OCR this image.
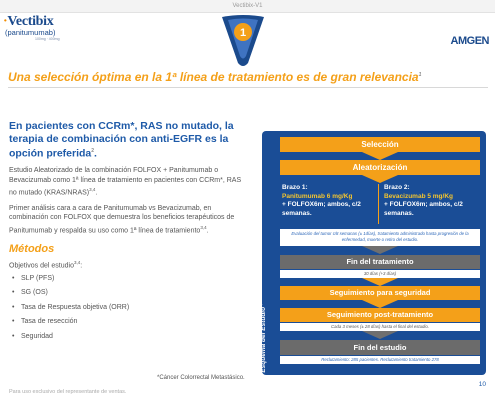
Vectibix-V1
·Vectibix
(panitumumab)
100mg · 400mg	1
AMGEN
Una selección óptima en la 1ª línea de tratamiento es de gran relevancia$^1$
En pacientes con CCRm*, RAS no mutado, la terapia de combinación con anti-EGFR es la opción preferida$^2$.

Estudio Aleatorizado de la combinación FOLFOX + Panitumumab o Bevacizumab como 1ª línea de tratamiento en pacientes con CCRm*, RAS no mutado (KRAS/NRAS)$^{3,4}$.

Primer análisis cara a cara de Panitumumab vs Bevacizumab, en combinación con FOLFOX que demuestra los beneficios terapéuticos de Panitumumab y respalda su uso como 1ª línea de tratamiento$^{3,4}$.

Métodos
Objetivos del estudio$^{3,4}$:
• SLP (PFS)
• SG (OS)
• Tasa de Respuesta objetiva (ORR)
• Tasa de resección
• Seguridad
*Cáncer Colorrectal Metastásico.
Para uso exclusivo del representante de ventas.
10
Esquema del Estudio$^{3,4}$
Selección
Aleatorización
Brazo 1:
Panitumumab 6 mg/Kg
+ FOLFOX6m; ambos, c/2 semanas.
Brazo 2:
Bevacizumab 5 mg/Kg
+ FOLFOX6m; ambos, c/2 semanas.
Evaluación del tumor c/8 semanas (± 1días), tratamiento administrado hasta progresión de la enfermedad, muerte o retiro del estudio.
Fin del tratamiento
30 días (+3 días)
Seguimiento para seguridad
Seguimiento post-tratamiento
Cada 3 meses (± 28 días) hasta el final del estudio.
Fin del estudio
Reclutamiento: 285 pacientes. Reclutamiento tratamiento 278
